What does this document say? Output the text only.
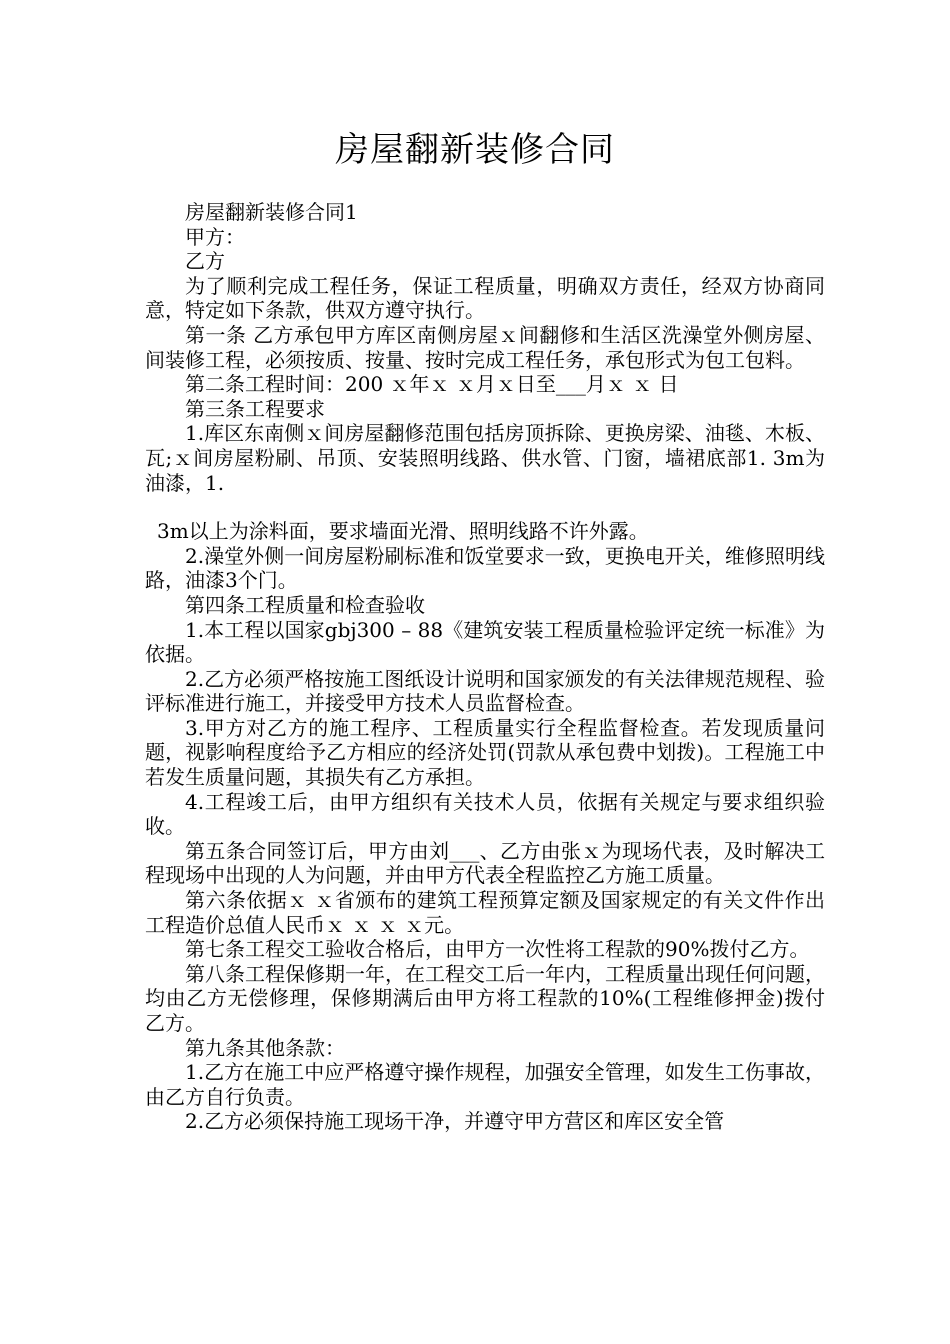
房屋翻新装修合同

房屋翻新装修合同1

甲方：

乙方

为了顺利完成工程任务，保证工程质量，明确双方责任，经双方协商同意，特定如下条款，供双方遵守执行。

第一条 乙方承包甲方库区南侧房屋ｘ间翻修和生活区洗澡堂外侧房屋、间装修工程，必须按质、按量、按时完成工程任务，承包形式为包工包料。

第二条工程时间：200 ｘ年ｘ ｘ月ｘ日至___月ｘ ｘ 日

第三条工程要求

1.库区东南侧ｘ间房屋翻修范围包括房顶拆除、更换房梁、油毯、木板、瓦;ｘ间房屋粉刷、吊顶、安装照明线路、供水管、门窗，墙裙底部1. 3m为油漆，1.

3m以上为涂料面，要求墙面光滑、照明线路不许外露。

2.澡堂外侧一间房屋粉刷标准和饭堂要求一致，更换电开关，维修照明线路，油漆3个门。

第四条工程质量和检查验收

1.本工程以国家gbj300 – 88《建筑安装工程质量检验评定统一标准》为依据。

2.乙方必须严格按施工图纸设计说明和国家颁发的有关法律规范规程、验评标准进行施工，并接受甲方技术人员监督检查。

3.甲方对乙方的施工程序、工程质量实行全程监督检查。若发现质量问题，视影响程度给予乙方相应的经济处罚(罚款从承包费中划拨)。工程施工中若发生质量问题，其损失有乙方承担。

4.工程竣工后，由甲方组织有关技术人员，依据有关规定与要求组织验收。

第五条合同签订后，甲方由刘___、乙方由张ｘ为现场代表，及时解决工程现场中出现的人为问题，并由甲方代表全程监控乙方施工质量。

第六条依据ｘ ｘ省颁布的建筑工程预算定额及国家规定的有关文件作出工程造价总值人民币ｘ ｘ ｘ ｘ元。

第七条工程交工验收合格后，由甲方一次性将工程款的90%拨付乙方。

第八条工程保修期一年，在工程交工后一年内，工程质量出现任何问题，均由乙方无偿修理，保修期满后由甲方将工程款的10%(工程维修押金)拨付乙方。

第九条其他条款：

1.乙方在施工中应严格遵守操作规程，加强安全管理，如发生工伤事故，由乙方自行负责。

2.乙方必须保持施工现场干净，并遵守甲方营区和库区安全管
